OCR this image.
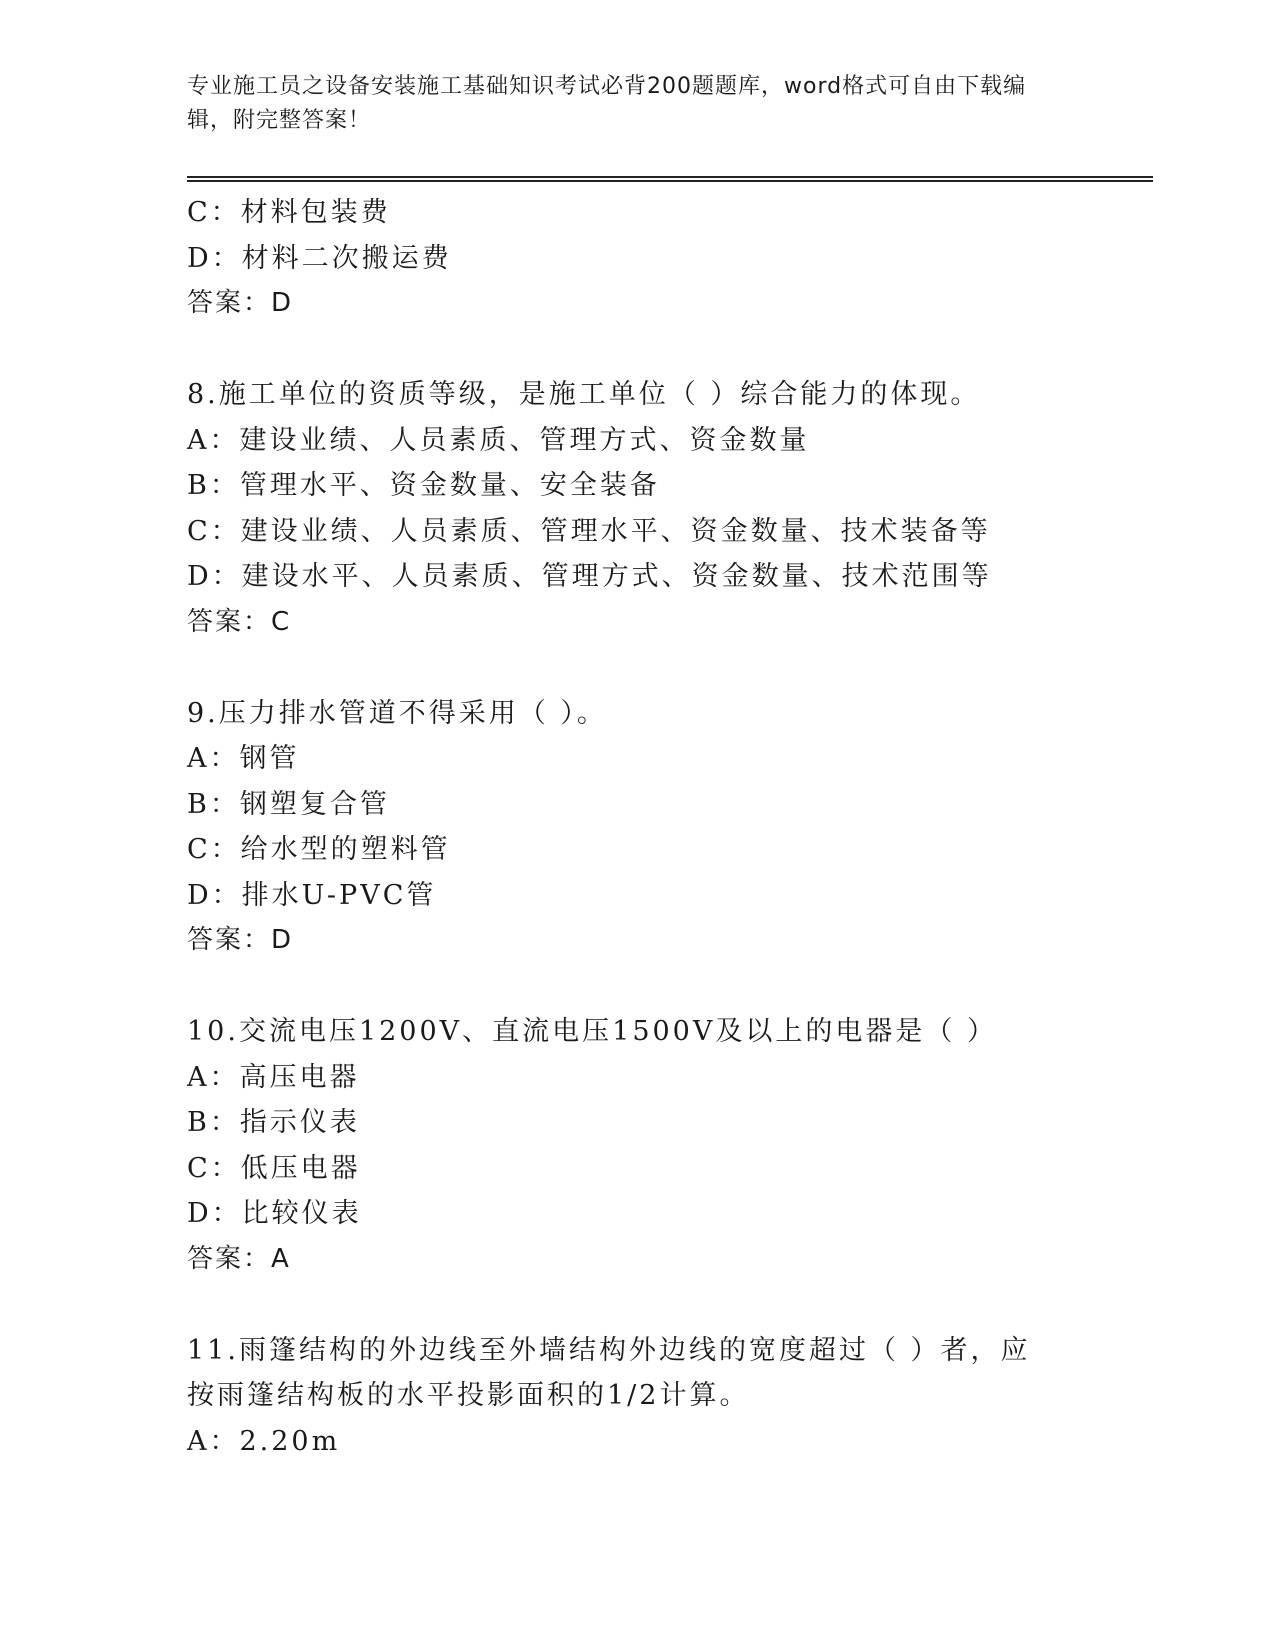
专业施工员之设备安装施工基础知识考试必背200题题库，word格式可自由下载编辑，附完整答案！
C：材料包装费
D：材料二次搬运费
答案：D
8.施工单位的资质等级，是施工单位（ ）综合能力的体现。
A：建设业绩、人员素质、管理方式、资金数量
B：管理水平、资金数量、安全装备
C：建设业绩、人员素质、管理水平、资金数量、技术装备等
D：建设水平、人员素质、管理方式、资金数量、技术范围等
答案：C
9.压力排水管道不得采用（ ）。
A：钢管
B：钢塑复合管
C：给水型的塑料管
D：排水U-PVC管
答案：D
10.交流电压1200V、直流电压1500V及以上的电器是（ ）
A：高压电器
B：指示仪表
C：低压电器
D：比较仪表
答案：A
11.雨篷结构的外边线至外墙结构外边线的宽度超过（ ）者，应按雨篷结构板的水平投影面积的1/2计算。
A：2.20m
